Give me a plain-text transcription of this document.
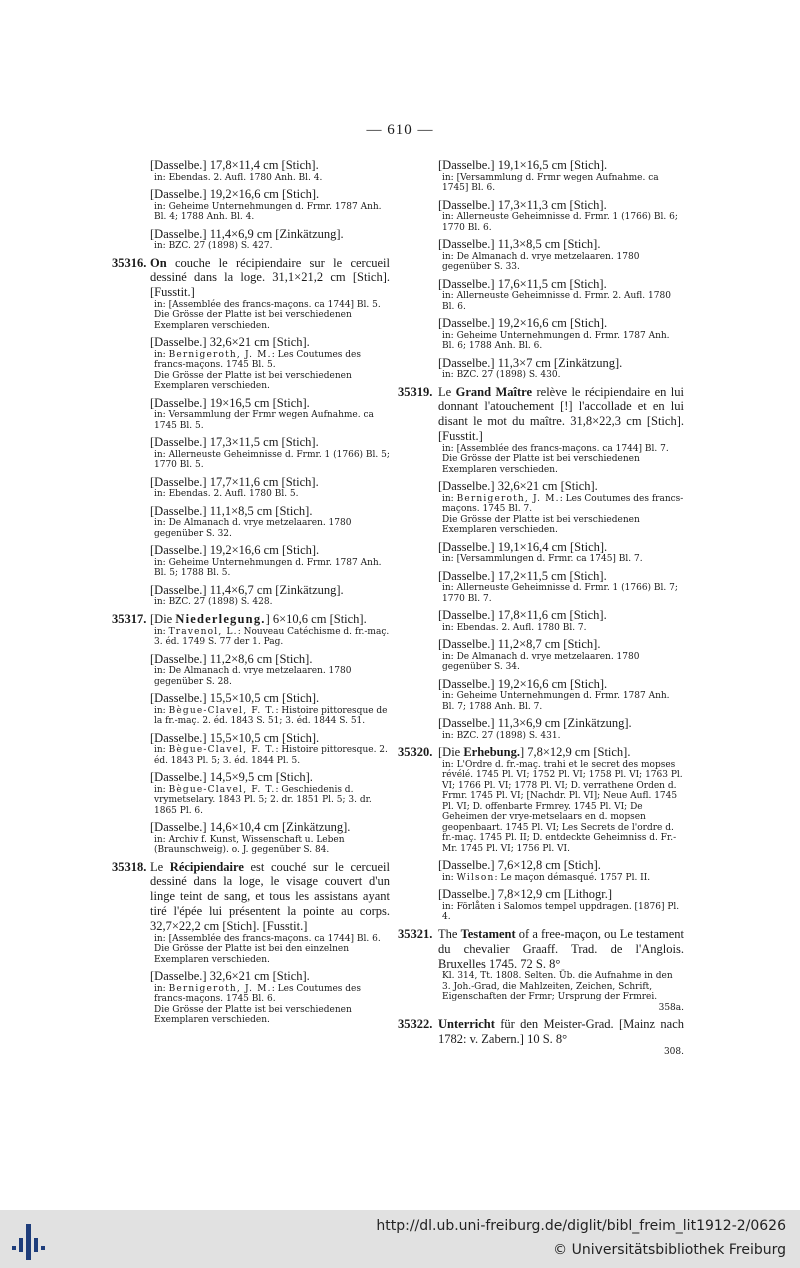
— 610 —
[Dasselbe.] 17,8×11,4 cm [Stich].
in: Ebendas. 2. Aufl. 1780 Anh. Bl. 4.
[Dasselbe.] 19,2×16,6 cm [Stich].
in: Geheime Unternehmungen d. Frmr. 1787 Anh. Bl. 4; 1788 Anh. Bl. 4.
[Dasselbe.] 11,4×6,9 cm [Zinkätzung].
in: BZC. 27 (1898) S. 427.
35316. On couche le récipiendaire sur le cercueil dessiné dans la loge. 31,1×21,2 cm [Stich]. [Fusstit.]
in: [Assemblée des francs-maçons. ca 1744] Bl. 5.
Die Grösse der Platte ist bei verschiedenen Exemplaren verschieden.
[Dasselbe.] 32,6×21 cm [Stich].
in: Bernigeroth, J. M.: Les Coutumes des francs-maçons. 1745 Bl. 5.
Die Grösse der Platte ist bei verschiedenen Exemplaren verschieden.
[Dasselbe.] 19×16,5 cm [Stich].
in: Versammlung der Frmr wegen Aufnahme. ca 1745 Bl. 5.
[Dasselbe.] 17,3×11,5 cm [Stich].
in: Allerneuste Geheimnisse d. Frmr. 1 (1766) Bl. 5; 1770 Bl. 5.
[Dasselbe.] 17,7×11,6 cm [Stich].
in: Ebendas. 2. Aufl. 1780 Bl. 5.
[Dasselbe.] 11,1×8,5 cm [Stich].
in: De Almanach d. vrye metzelaaren. 1780 gegenüber S. 32.
[Dasselbe.] 19,2×16,6 cm [Stich].
in: Geheime Unternehmungen d. Frmr. 1787 Anh. Bl. 5; 1788 Bl. 5.
[Dasselbe.] 11,4×6,7 cm [Zinkätzung].
in: BZC. 27 (1898) S. 428.
35317. [Die Niederlegung.] 6×10,6 cm [Stich].
in: Travenol, L.: Nouveau Catéchisme d. fr.-maç. 3. éd. 1749 S. 77 der 1. Pag.
[Dasselbe.] 11,2×8,6 cm [Stich].
in: De Almanach d. vrye metzelaaren. 1780 gegenüber S. 28.
[Dasselbe.] 15,5×10,5 cm [Stich].
in: Bègue-Clavel, F. T.: Histoire pittoresque de la fr.-maç. 2. éd. 1843 S. 51; 3. éd. 1844 S. 51.
[Dasselbe.] 15,5×10,5 cm [Stich].
in: Bègue-Clavel, F. T.: Histoire pittoresque. 2. éd. 1843 Pl. 5; 3. éd. 1844 Pl. 5.
[Dasselbe.] 14,5×9,5 cm [Stich].
in: Bègue-Clavel, F. T.: Geschiedenis d. vrymetselary. 1843 Pl. 5; 2. dr. 1851 Pl. 5; 3. dr. 1865 Pl. 6.
[Dasselbe.] 14,6×10,4 cm [Zinkätzung].
in: Archiv f. Kunst, Wissenschaft u. Leben (Braunschweig). o. J. gegenüber S. 84.
35318. Le Récipiendaire est couché sur le cercueil dessiné dans la loge, le visage couvert d'un linge teint de sang, et tous les assistans ayant tiré l'épée lui présentent la pointe au corps. 32,7×22,2 cm [Stich]. [Fusstit.]
in: [Assemblée des francs-maçons. ca 1744] Bl. 6.
Die Grösse der Platte ist bei den einzelnen Exemplaren verschieden.
[Dasselbe.] 32,6×21 cm [Stich].
in: Bernigeroth, J. M.: Les Coutumes des francs-maçons. 1745 Bl. 6.
Die Grösse der Platte ist bei verschiedenen Exemplaren verschieden.
[Dasselbe.] 19,1×16,5 cm [Stich].
in: [Versammlung d. Frmr wegen Aufnahme. ca 1745] Bl. 6.
[Dasselbe.] 17,3×11,3 cm [Stich].
in: Allerneuste Geheimnisse d. Frmr. 1 (1766) Bl. 6; 1770 Bl. 6.
[Dasselbe.] 11,3×8,5 cm [Stich].
in: De Almanach d. vrye metzelaaren. 1780 gegenüber S. 33.
[Dasselbe.] 17,6×11,5 cm [Stich].
in: Allerneuste Geheimnisse d. Frmr. 2. Aufl. 1780 Bl. 6.
[Dasselbe.] 19,2×16,6 cm [Stich].
in: Geheime Unternehmungen d. Frmr. 1787 Anh. Bl. 6; 1788 Anh. Bl. 6.
[Dasselbe.] 11,3×7 cm [Zinkätzung].
in: BZC. 27 (1898) S. 430.
35319. Le Grand Maître relève le récipiendaire en lui donnant l'atouchement [!] l'accollade et en lui disant le mot du maître. 31,8×22,3 cm [Stich]. [Fusstit.]
in: [Assemblée des francs-maçons. ca 1744] Bl. 7.
Die Grösse der Platte ist bei verschiedenen Exemplaren verschieden.
[Dasselbe.] 32,6×21 cm [Stich].
in: Bernigeroth, J. M.: Les Coutumes des francs-maçons. 1745 Bl. 7.
Die Grösse der Platte ist bei verschiedenen Exemplaren verschieden.
[Dasselbe.] 19,1×16,4 cm [Stich].
in: [Versammlungen d. Frmr. ca 1745] Bl. 7.
[Dasselbe.] 17,2×11,5 cm [Stich].
in: Allerneuste Geheimnisse d. Frmr. 1 (1766) Bl. 7; 1770 Bl. 7.
[Dasselbe.] 17,8×11,6 cm [Stich].
in: Ebendas. 2. Aufl. 1780 Bl. 7.
[Dasselbe.] 11,2×8,7 cm [Stich].
in: De Almanach d. vrye metzelaaren. 1780 gegenüber S. 34.
[Dasselbe.] 19,2×16,6 cm [Stich].
in: Geheime Unternehmungen d. Frmr. 1787 Anh. Bl. 7; 1788 Anh. Bl. 7.
[Dasselbe.] 11,3×6,9 cm [Zinkätzung].
in: BZC. 27 (1898) S. 431.
35320. [Die Erhebung.] 7,8×12,9 cm [Stich].
in: L'Ordre d. fr.-maç. trahi et le secret des mopses révélé. 1745 Pl. VI; 1752 Pl. VI; 1758 Pl. VI; 1763 Pl. VI; 1766 Pl. VI; 1778 Pl. VI; D. verrathene Orden d. Frmr. 1745 Pl. VI; [Nachdr. Pl. VI]; Neue Aufl. 1745 Pl. VI; D. offenbarte Frmrey. 1745 Pl. VI; De Geheimen der vrye-metselaars en d. mopsen geopenbaart. 1745 Pl. VI; Les Secrets de l'ordre d. fr.-maç. 1745 Pl. II; D. entdeckte Geheimniss d. Fr.-Mr. 1745 Pl. VI; 1756 Pl. VI.
[Dasselbe.] 7,6×12,8 cm [Stich].
in: Wilson: Le maçon démasqué. 1757 Pl. II.
[Dasselbe.] 7,8×12,9 cm [Lithogr.]
in: Förlåten i Salomos tempel uppdragen. [1876] Pl. 4.
35321. The Testament of a free-maçon, ou Le testament du chevalier Graaff. Trad. de l'Anglois. Bruxelles 1745. 72 S. 8°
Kl. 314, Tt. 1808. Selten. Üb. die Aufnahme in den 3. Joh.-Grad, die Mahlzeiten, Zeichen, Schrift, Eigenschaften der Frmr; Ursprung der Frmrei.
358a.
35322. Unterricht für den Meister-Grad. [Mainz nach 1782: v. Zabern.] 10 S. 8°
308.
http://dl.ub.uni-freiburg.de/diglit/bibl_freim_lit1912-2/0626
© Universitätsbibliothek Freiburg
